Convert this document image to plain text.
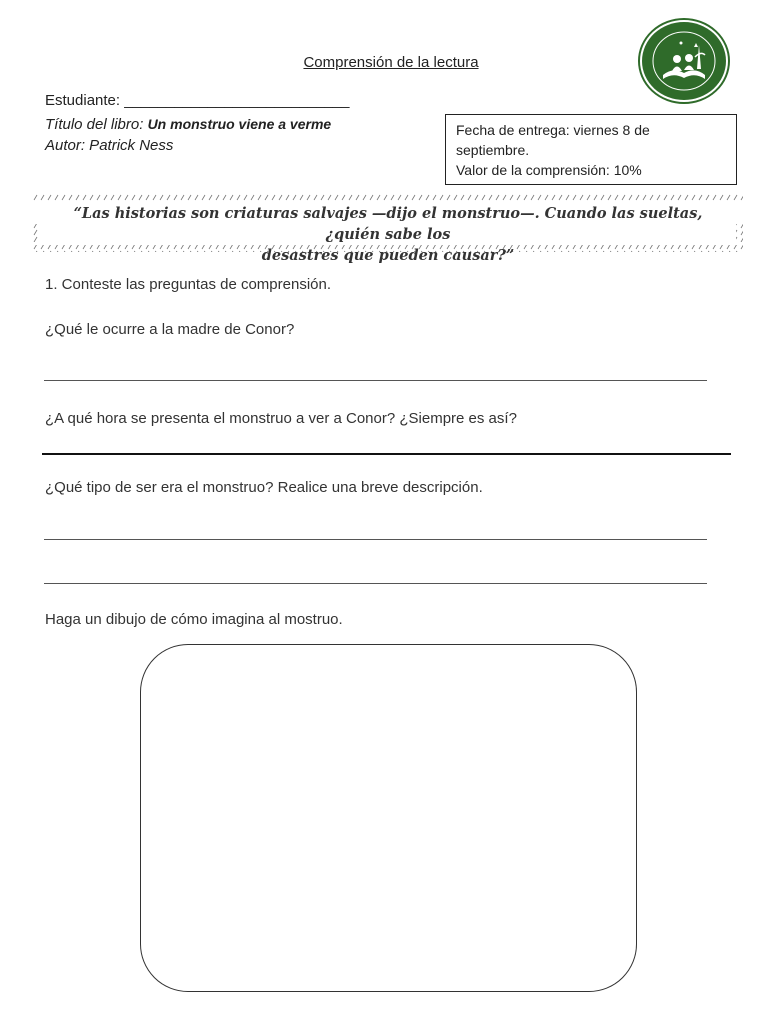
Comprensión de la lectura
Estudiante: ___________________________
Título del libro: Un monstruo viene a verme
Autor: Patrick Ness
Fecha de entrega: viernes 8 de
septiembre.
Valor de la comprensión: 10%
“Las historias son criaturas salvajes —dijo el monstruo—. Cuando las sueltas, ¿quién sabe los
desastres que pueden causar?”
1. Conteste las preguntas de comprensión.
¿Qué le ocurre a la madre de Conor?
¿A qué hora se presenta el monstruo a ver a Conor? ¿Siempre es así?
¿Qué tipo de ser era el monstruo? Realice una breve descripción.
Haga un dibujo de cómo imagina al mostruo.
